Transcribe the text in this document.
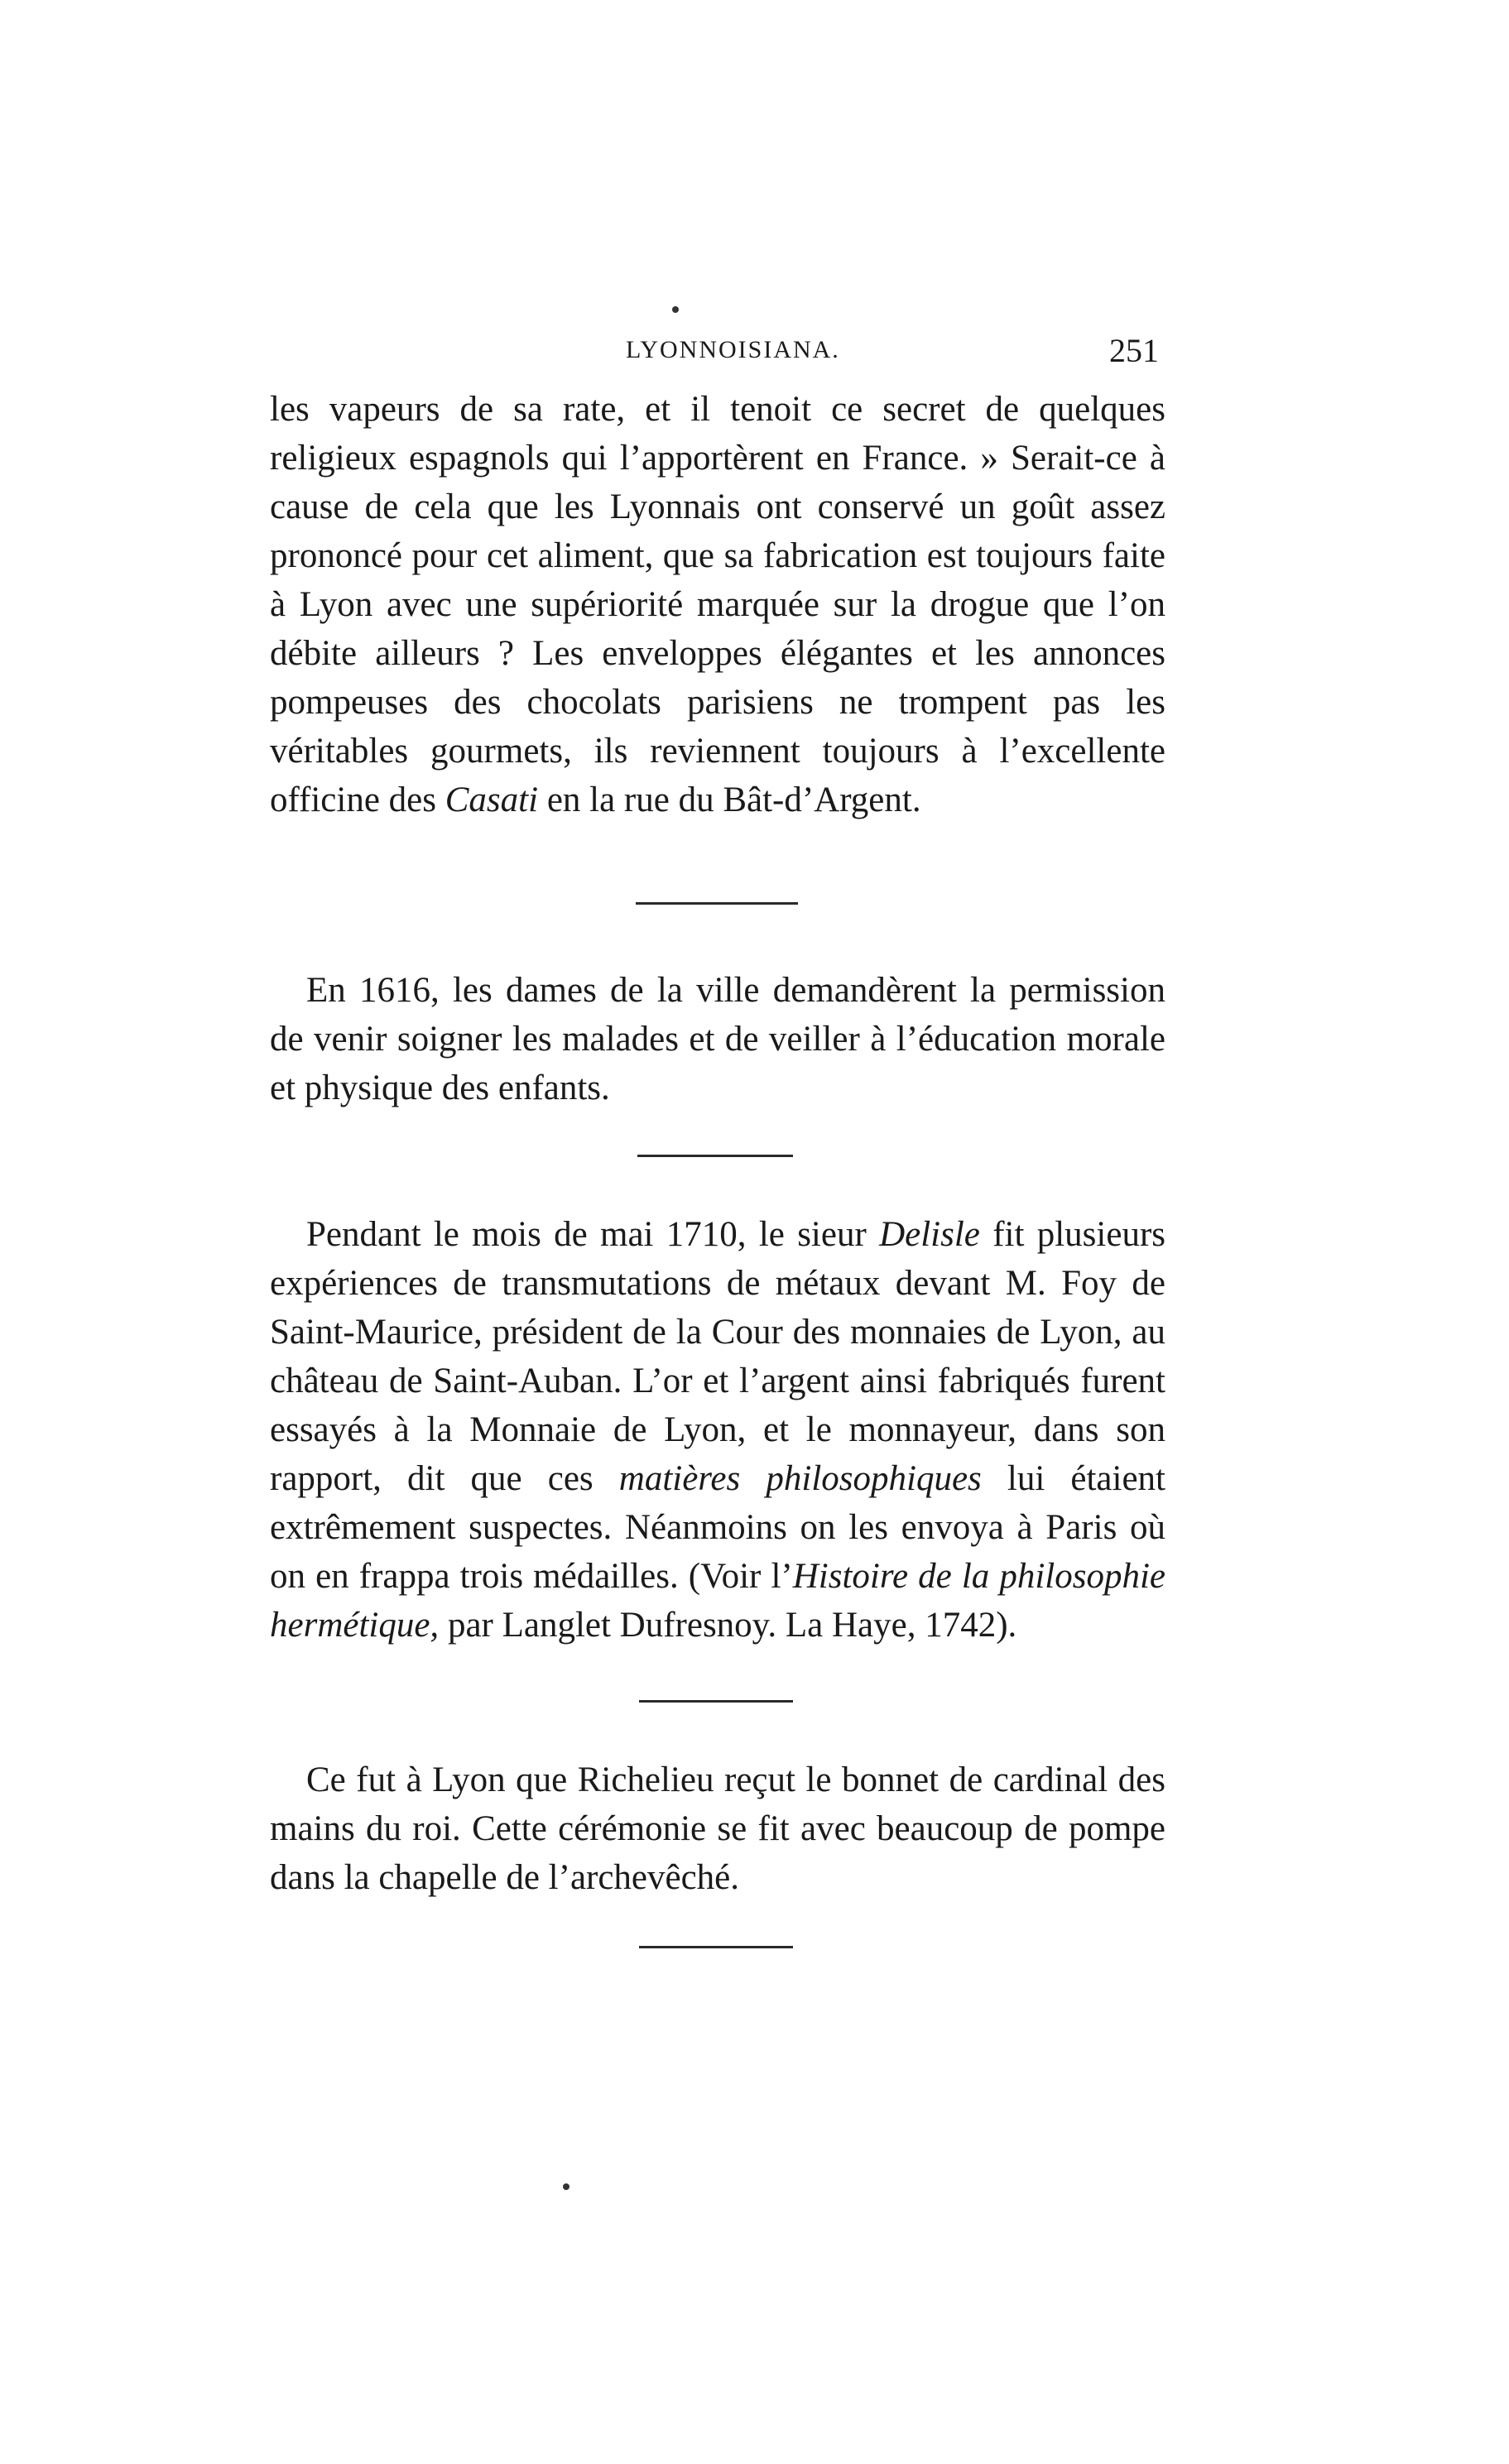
LYONNOISIANA.	251

les vapeurs de sa rate, et il tenoit ce secret de quelques religieux espagnols qui l’apportèrent en France. » Serait-ce à cause de cela que les Lyonnais ont conservé un goût assez prononcé pour cet aliment, que sa fabrication est toujours faite à Lyon avec une supériorité marquée sur la drogue que l’on débite ailleurs ? Les enveloppes élégantes et les annonces pompeuses des chocolats parisiens ne trompent pas les véritables gourmets, ils reviennent toujours à l’excellente officine des Casati en la rue du Bât-d’Argent.

En 1616, les dames de la ville demandèrent la permission de venir soigner les malades et de veiller à l’éducation morale et physique des enfants.

Pendant le mois de mai 1710, le sieur Delisle fit plusieurs expériences de transmutations de métaux devant M. Foy de Saint-Maurice, président de la Cour des monnaies de Lyon, au château de Saint-Auban. L’or et l’argent ainsi fabriqués furent essayés à la Monnaie de Lyon, et le monnayeur, dans son rapport, dit que ces matières philosophiques lui étaient extrêmement suspectes. Néanmoins on les envoya à Paris où on en frappa trois médailles. (Voir l’Histoire de la philosophie hermétique, par Langlet Dufresnoy. La Haye, 1742).

Ce fut à Lyon que Richelieu reçut le bonnet de cardinal des mains du roi. Cette cérémonie se fit avec beaucoup de pompe dans la chapelle de l’archevêché.
